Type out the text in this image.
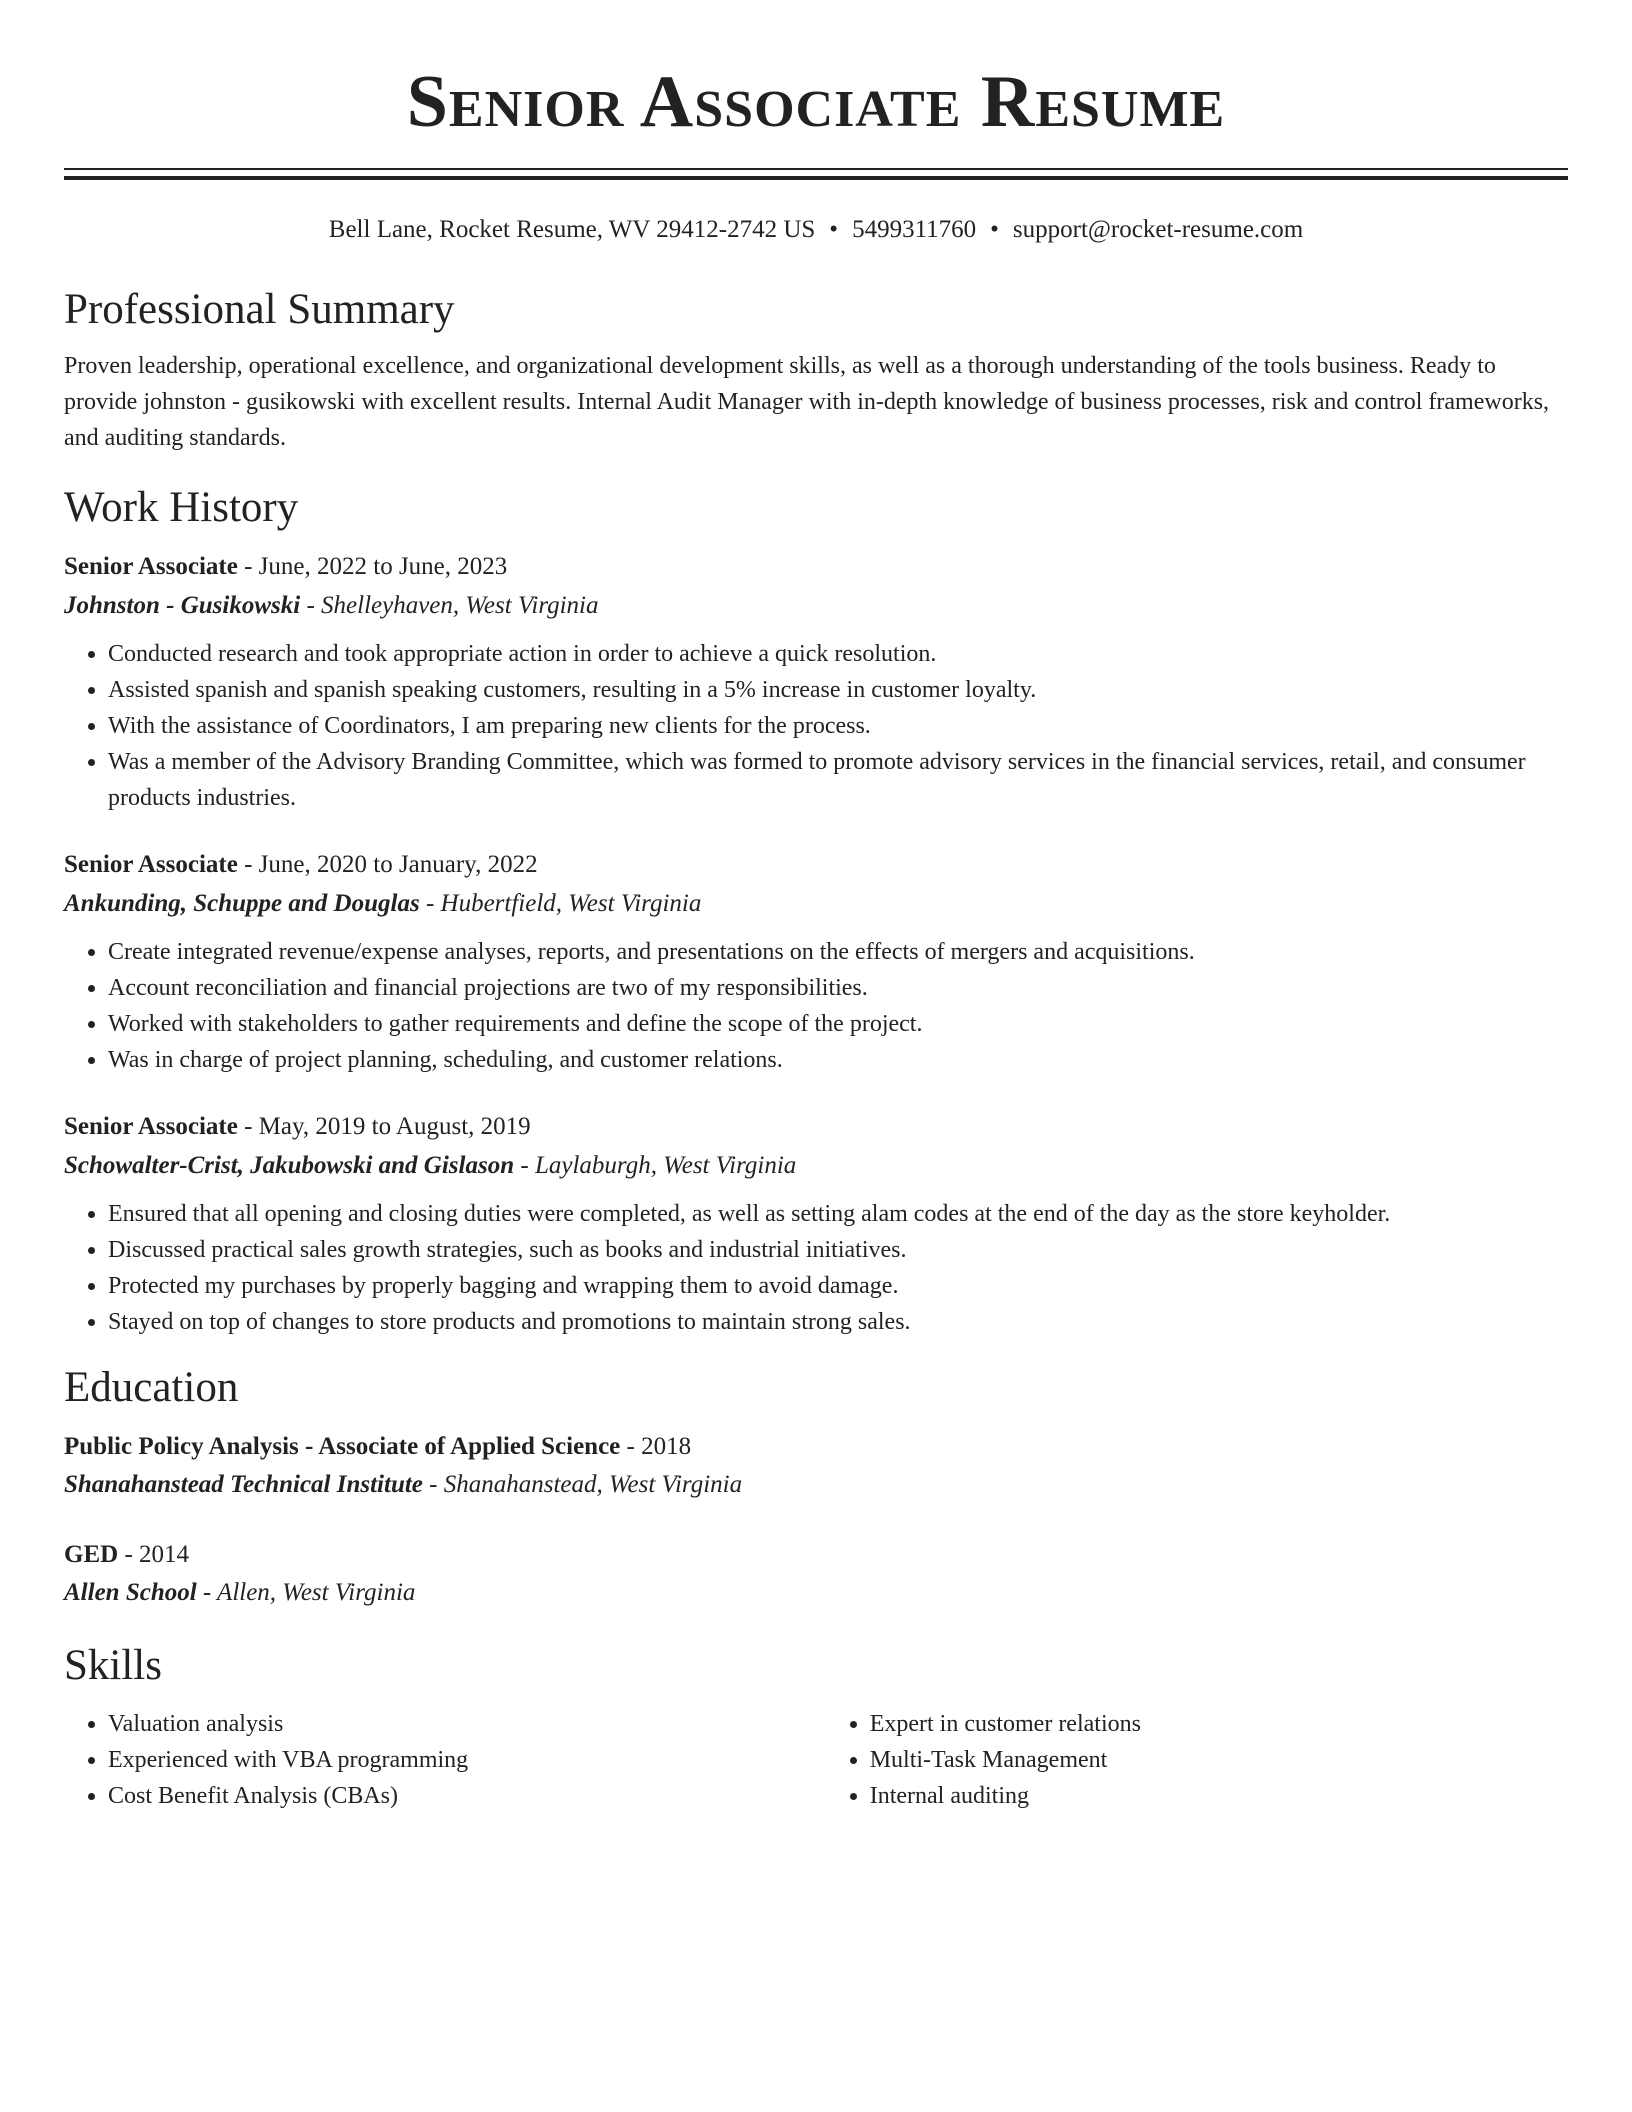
Senior Associate Resume
Bell Lane, Rocket Resume, WV 29412-2742 US • 5499311760 • support@rocket-resume.com
Professional Summary
Proven leadership, operational excellence, and organizational development skills, as well as a thorough understanding of the tools business. Ready to provide johnston - gusikowski with excellent results. Internal Audit Manager with in-depth knowledge of business processes, risk and control frameworks, and auditing standards.
Work History
Senior Associate - June, 2022 to June, 2023
Johnston - Gusikowski - Shelleyhaven, West Virginia
• Conducted research and took appropriate action in order to achieve a quick resolution.
• Assisted spanish and spanish speaking customers, resulting in a 5% increase in customer loyalty.
• With the assistance of Coordinators, I am preparing new clients for the process.
• Was a member of the Advisory Branding Committee, which was formed to promote advisory services in the financial services, retail, and consumer products industries.
Senior Associate - June, 2020 to January, 2022
Ankunding, Schuppe and Douglas - Hubertfield, West Virginia
• Create integrated revenue/expense analyses, reports, and presentations on the effects of mergers and acquisitions.
• Account reconciliation and financial projections are two of my responsibilities.
• Worked with stakeholders to gather requirements and define the scope of the project.
• Was in charge of project planning, scheduling, and customer relations.
Senior Associate - May, 2019 to August, 2019
Schowalter-Crist, Jakubowski and Gislason - Laylaburgh, West Virginia
• Ensured that all opening and closing duties were completed, as well as setting alam codes at the end of the day as the store keyholder.
• Discussed practical sales growth strategies, such as books and industrial initiatives.
• Protected my purchases by properly bagging and wrapping them to avoid damage.
• Stayed on top of changes to store products and promotions to maintain strong sales.
Education
Public Policy Analysis - Associate of Applied Science - 2018
Shanahanstead Technical Institute - Shanahanstead, West Virginia
GED - 2014
Allen School - Allen, West Virginia
Skills
• Valuation analysis
• Experienced with VBA programming
• Cost Benefit Analysis (CBAs)
• Expert in customer relations
• Multi-Task Management
• Internal auditing
